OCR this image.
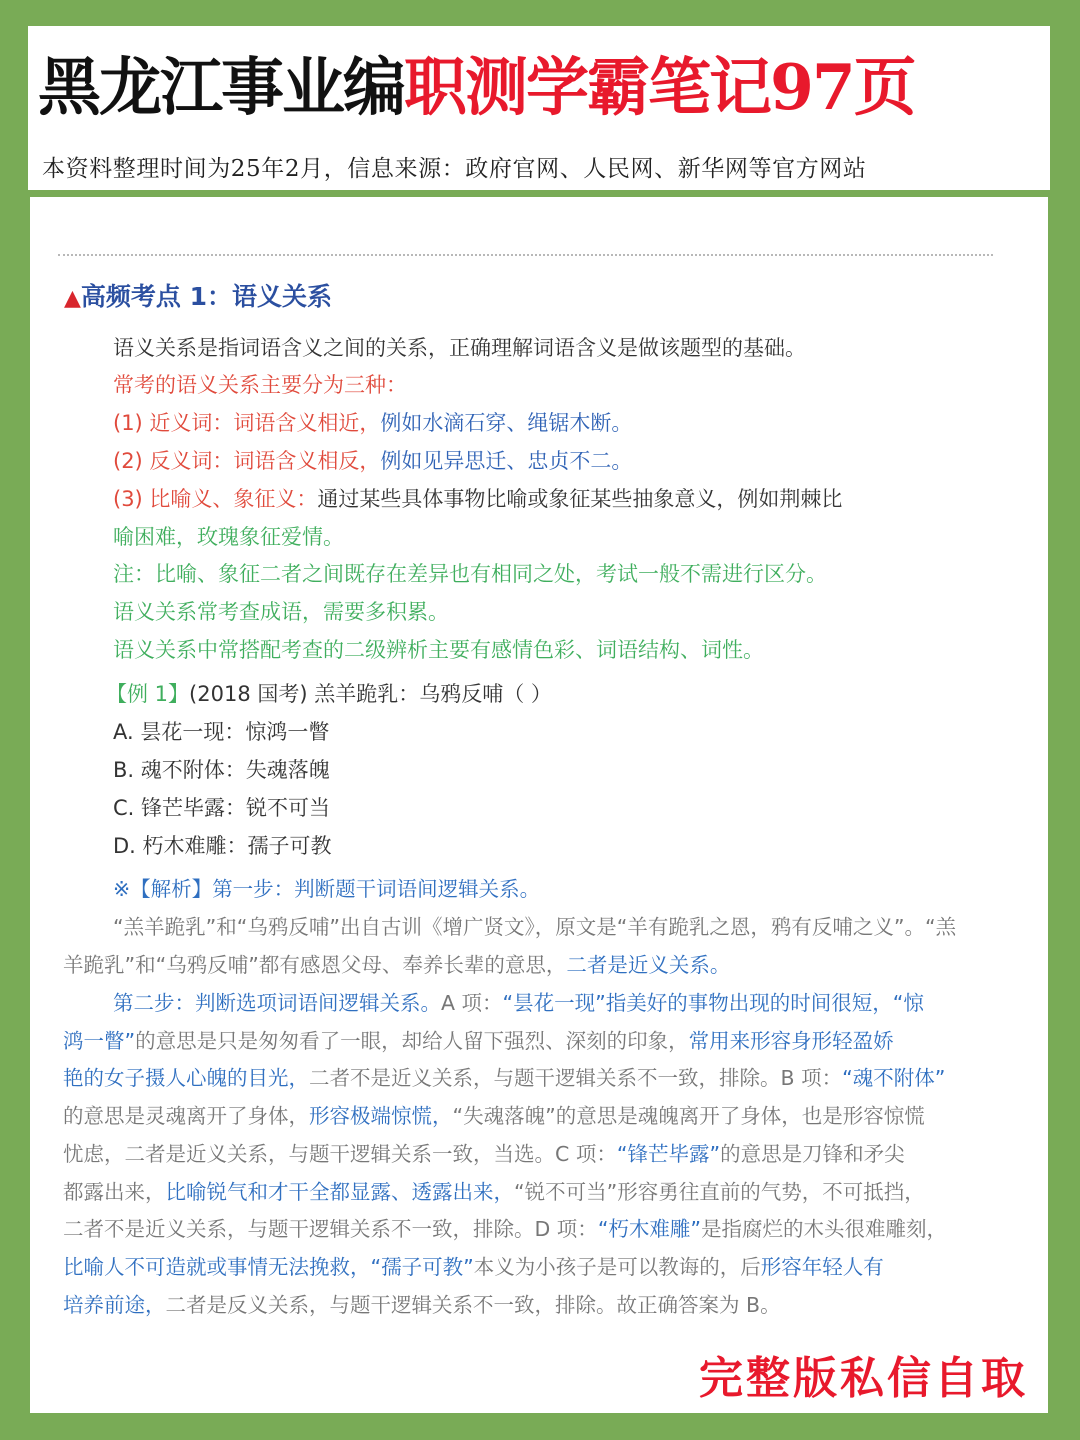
黑龙江事业编职测学霸笔记97页
本资料整理时间为25年2月，信息来源：政府官网、人民网、新华网等官方网站
▲高频考点 1：语义关系
语义关系是指词语含义之间的关系，正确理解词语含义是做该题型的基础。
常考的语义关系主要分为三种：
(1) 近义词：词语含义相近，例如水滴石穿、绳锯木断。
(2) 反义词：词语含义相反，例如见异思迁、忠贞不二。
(3) 比喻义、象征义：通过某些具体事物比喻或象征某些抽象意义，例如荆棘比
喻困难，玫瑰象征爱情。
注：比喻、象征二者之间既存在差异也有相同之处，考试一般不需进行区分。
语义关系常考查成语，需要多积累。
语义关系中常搭配考查的二级辨析主要有感情色彩、词语结构、词性。
【例 1】(2018 国考) 羔羊跪乳：乌鸦反哺（ ）
A. 昙花一现：惊鸿一瞥
B. 魂不附体：失魂落魄
C. 锋芒毕露：锐不可当
D. 朽木难雕：孺子可教
※【解析】第一步：判断题干词语间逻辑关系。
“羔羊跪乳”和“乌鸦反哺”出自古训《增广贤文》，原文是“羊有跪乳之恩，鸦有反哺之义”。“羔
羊跪乳”和“乌鸦反哺”都有感恩父母、奉养长辈的意思，二者是近义关系。
第二步：判断选项词语间逻辑关系。A 项：“昙花一现”指美好的事物出现的时间很短，“惊
鸿一瞥”的意思是只是匆匆看了一眼，却给人留下强烈、深刻的印象，常用来形容身形轻盈娇
艳的女子摄人心魄的目光，二者不是近义关系，与题干逻辑关系不一致，排除。B 项：“魂不附体”
的意思是灵魂离开了身体，形容极端惊慌，“失魂落魄”的意思是魂魄离开了身体，也是形容惊慌
忧虑，二者是近义关系，与题干逻辑关系一致，当选。C 项：“锋芒毕露”的意思是刀锋和矛尖
都露出来，比喻锐气和才干全都显露、透露出来，“锐不可当”形容勇往直前的气势，不可抵挡，
二者不是近义关系，与题干逻辑关系不一致，排除。D 项：“朽木难雕”是指腐烂的木头很难雕刻，
比喻人不可造就或事情无法挽救，“孺子可教”本义为小孩子是可以教诲的，后形容年轻人有
培养前途，二者是反义关系，与题干逻辑关系不一致，排除。故正确答案为 B。
完整版私信自取
